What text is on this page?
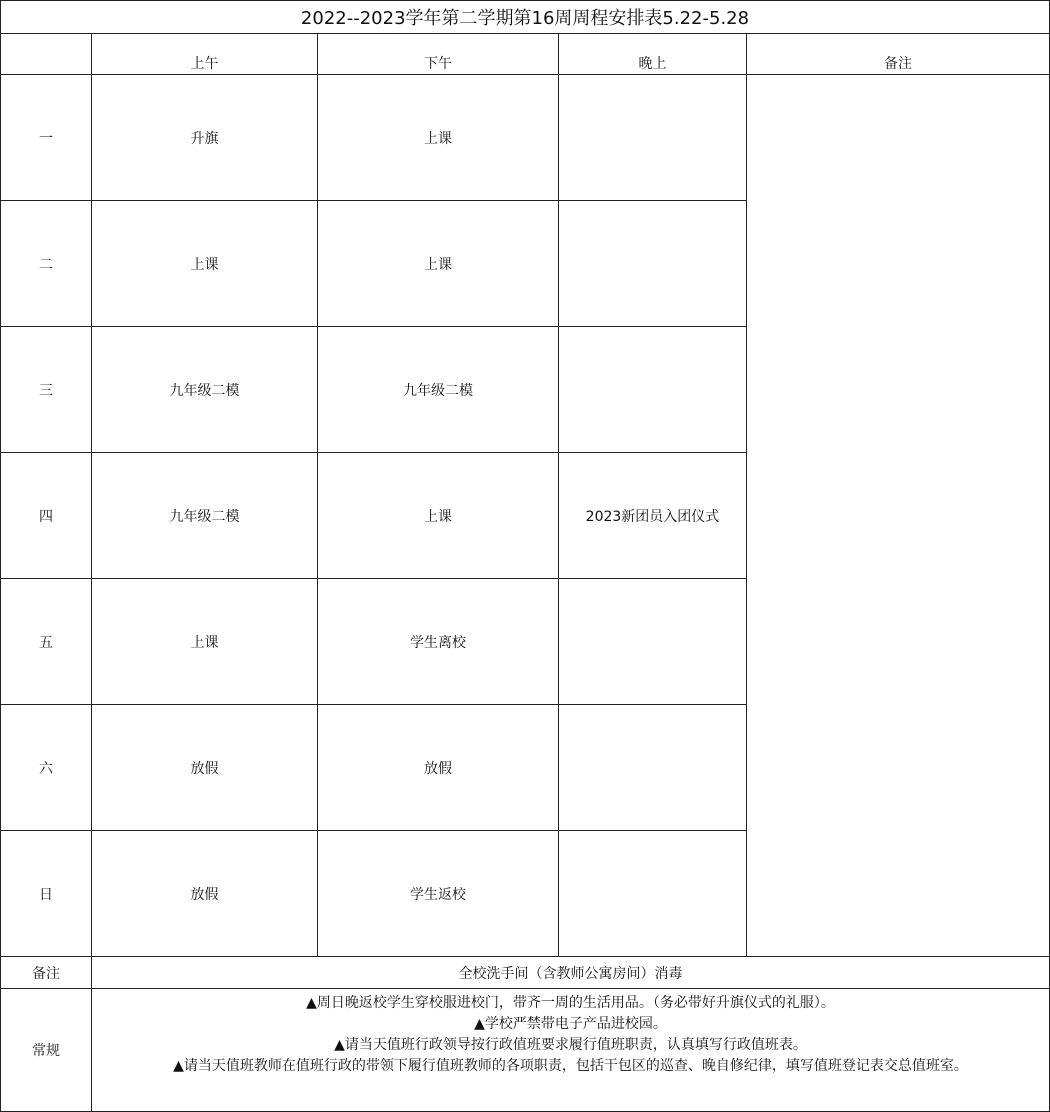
2022--2023学年第二学期第16周周程安排表5.22-5.28				
	上午	下午	晚上	备注
一	升旗	上课		
二	上课	上课		
三	九年级二模	九年级二模		
四	九年级二模	上课	2023新团员入团仪式	
五	上课	学生离校		
六	放假	放假		
日	放假	学生返校		
备注	全校洗手间（含教师公寓房间）消毒			
常规	▲周日晚返校学生穿校服进校门，带齐一周的生活用品。（务必带好升旗仪式的礼服）。
▲学校严禁带电子产品进校园。
▲请当天值班行政领导按行政值班要求履行值班职责，认真填写行政值班表。
▲请当天值班教师在值班行政的带领下履行值班教师的各项职责，包括干包区的巡查、晚自修纪律，填写值班登记表交总值班室。			
